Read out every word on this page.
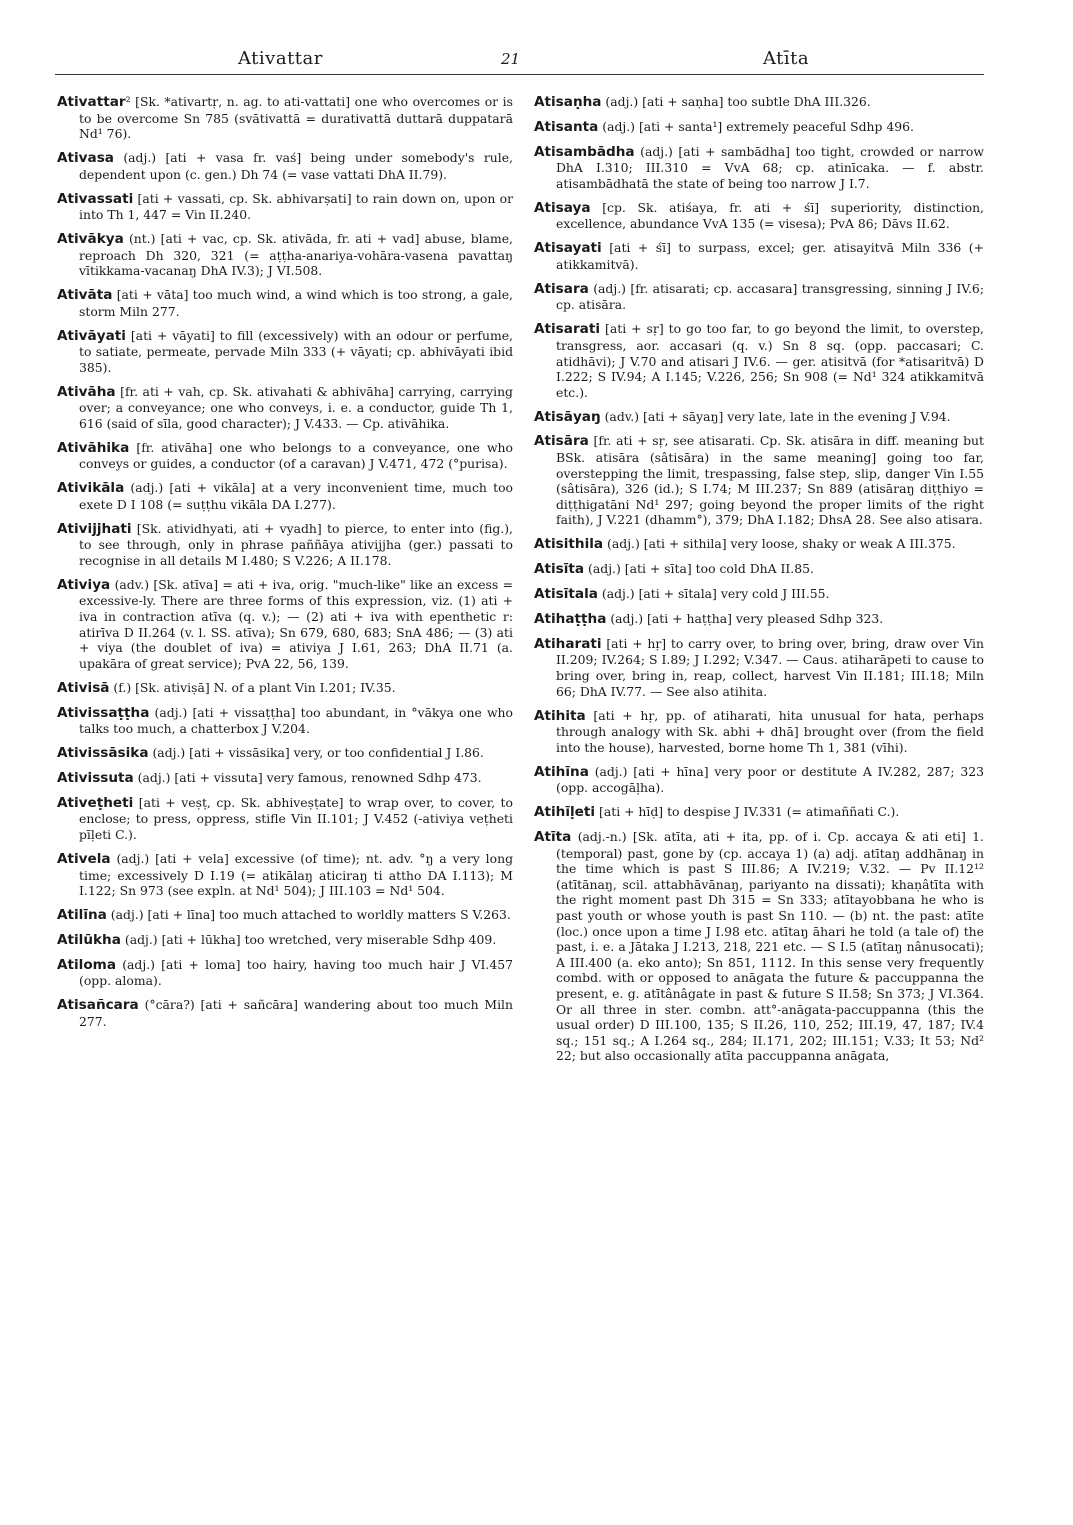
Ativattar	21	Atīta

Ativattar² [Sk. *ativartṛ, n. ag. to ati-vattati] one who overcomes or is to be overcome Sn 785 (svātivattā = durativattā duttarā duppatarā Nd¹ 76).

Ativasa (adj.) [ati + vasa fr. vaś] being under somebody's rule, dependent upon (c. gen.) Dh 74 (= vase vattati DhA II.79).

Ativassati [ati + vassati, cp. Sk. abhivarṣati] to rain down on, upon or into Th 1, 447 = Vin II.240.

Ativākya (nt.) [ati + vac, cp. Sk. ativāda, fr. ati + vad] abuse, blame, reproach Dh 320, 321 (= aṭṭha-anariya-vohāra-vasena pavattaŋ vītikkama-vacanaŋ DhA IV.3); J VI.508.

Ativāta [ati + vāta] too much wind, a wind which is too strong, a gale, storm Miln 277.

Ativāyati [ati + vāyati] to fill (excessively) with an odour or perfume, to satiate, permeate, pervade Miln 333 (+ vāyati; cp. abhivāyati ibid 385).

Ativāha [fr. ati + vah, cp. Sk. ativahati & abhivāha] carrying, carrying over; a conveyance; one who conveys, i. e. a conductor, guide Th 1, 616 (said of sīla, good character); J V.433. — Cp. ativāhika.

Ativāhika [fr. ativāha] one who belongs to a conveyance, one who conveys or guides, a conductor (of a caravan) J V.471, 472 (°purisa).

Ativikāla (adj.) [ati + vikāla] at a very inconvenient time, much too exete D I 108 (= suṭṭhu vikāla DA I.277).

Ativijjhati [Sk. atividhyati, ati + vyadh] to pierce, to enter into (fig.), to see through, only in phrase paññāya ativijjha (ger.) passati to recognise in all details M I.480; S V.226; A II.178.

Ativiya (adv.) [Sk. atīva] = ati + iva, orig. "much-like" like an excess = excessive-ly. There are three forms of this expression, viz. (1) ati + iva in contraction atīva (q. v.); — (2) ati + iva with epenthetic r: atirīva D II.264 (v. l. SS. atīva); Sn 679, 680, 683; SnA 486; — (3) ati + viya (the doublet of iva) = ativiya J I.61, 263; DhA II.71 (a. upakāra of great service); PvA 22, 56, 139.

Ativisā (f.) [Sk. ativiṣā] N. of a plant Vin I.201; IV.35.

Ativissaṭṭha (adj.) [ati + vissaṭṭha] too abundant, in °vākya one who talks too much, a chatterbox J V.204.

Ativissāsika (adj.) [ati + vissāsika] very, or too confidential J I.86.

Ativissuta (adj.) [ati + vissuta] very famous, renowned Sdhp 473.

Ativeṭheti [ati + veṣṭ, cp. Sk. abhiveṣṭate] to wrap over, to cover, to enclose; to press, oppress, stifle Vin II.101; J V.452 (-ativiya veṭheti pīḷeti C.).

Ativela (adj.) [ati + vela] excessive (of time); nt. adv. °ŋ a very long time; excessively D I.19 (= atikālaŋ aticiraŋ ti attho DA I.113); M I.122; Sn 973 (see expln. at Nd¹ 504); J III.103 = Nd¹ 504.

Atilīna (adj.) [ati + līna] too much attached to worldly matters S V.263.

Atilūkha (adj.) [ati + lūkha] too wretched, very miserable Sdhp 409.

Atiloma (adj.) [ati + loma] too hairy, having too much hair J VI.457 (opp. aloma).

Atisañcara (°cāra?) [ati + sañcāra] wandering about too much Miln 277.

Atisaṇha (adj.) [ati + saṇha] too subtle DhA III.326.

Atisanta (adj.) [ati + santa¹] extremely peaceful Sdhp 496.

Atisambādha (adj.) [ati + sambādha] too tight, crowded or narrow DhA I.310; III.310 = VvA 68; cp. atinīcaka. — f. abstr. atisambādhatā the state of being too narrow J I.7.

Atisaya [cp. Sk. atiśaya, fr. ati + śī] superiority, distinction, excellence, abundance VvA 135 (= visesa); PvA 86; Dāvs II.62.

Atisayati [ati + śī] to surpass, excel; ger. atisayitvā Miln 336 (+ atikkamitvā).

Atisara (adj.) [fr. atisarati; cp. accasara] transgressing, sinning J IV.6; cp. atisāra.

Atisarati [ati + sṛ] to go too far, to go beyond the limit, to overstep, transgress, aor. accasari (q. v.) Sn 8 sq. (opp. paccasari; C. atidhāvi); J V.70 and atisari J IV.6. — ger. atisitvā (for *atisaritvā) D I.222; S IV.94; A I.145; V.226, 256; Sn 908 (= Nd¹ 324 atikkamitvā etc.).

Atisāyaŋ (adv.) [ati + sāyaŋ] very late, late in the evening J V.94.

Atisāra [fr. ati + sṛ, see atisarati. Cp. Sk. atisāra in diff. meaning but BSk. atisāra (sâtisāra) in the same meaning] going too far, overstepping the limit, trespassing, false step, slip, danger Vin I.55 (sâtisāra), 326 (id.); S I.74; M III.237; Sn 889 (atisāraŋ diṭṭhiyo = diṭṭhigatāni Nd¹ 297; going beyond the proper limits of the right faith), J V.221 (dhamm°), 379; DhA I.182; DhsA 28. See also atisara.

Atisithila (adj.) [ati + sithila] very loose, shaky or weak A III.375.

Atisīta (adj.) [ati + sīta] too cold DhA II.85.

Atisītala (adj.) [ati + sītala] very cold J III.55.

Atihaṭṭha (adj.) [ati + haṭṭha] very pleased Sdhp 323.

Atiharati [ati + hṛ] to carry over, to bring over, bring, draw over Vin II.209; IV.264; S I.89; J I.292; V.347. — Caus. atiharāpeti to cause to bring over, bring in, reap, collect, harvest Vin II.181; III.18; Miln 66; DhA IV.77. — See also atihita.

Atihita [ati + hṛ, pp. of atiharati, hita unusual for hata, perhaps through analogy with Sk. abhi + dhā] brought over (from the field into the house), harvested, borne home Th 1, 381 (vīhi).

Atihīna (adj.) [ati + hīna] very poor or destitute A IV.282, 287; 323 (opp. accogāḷha).

Atihīḷeti [ati + hīḍ] to despise J IV.331 (= atimaññati C.).

Atīta (adj.-n.) [Sk. atīta, ati + ita, pp. of i. Cp. accaya & ati eti] 1. (temporal) past, gone by (cp. accaya 1) (a) adj. atītaŋ addhānaŋ in the time which is past S III.86; A IV.219; V.32. — Pv II.12¹² (atītānaŋ, scil. attabhāvānaŋ, pariyanto na dissati); khaṇâtīta with the right moment past Dh 315 = Sn 333; atītayobbana he who is past youth or whose youth is past Sn 110. — (b) nt. the past: atīte (loc.) once upon a time J I.98 etc. atītaŋ āhari he told (a tale of) the past, i. e. a Jātaka J I.213, 218, 221 etc. — S I.5 (atītaŋ nânusocati); A III.400 (a. eko anto); Sn 851, 1112. In this sense very frequently combd. with or opposed to anāgata the future & paccuppanna the present, e. g. atītânâgate in past & future S II.58; Sn 373; J VI.364. Or all three in ster. combn. att°-anāgata-paccuppanna (this the usual order) D III.100, 135; S II.26, 110, 252; III.19, 47, 187; IV.4 sq.; 151 sq.; A I.264 sq., 284; II.171, 202; III.151; V.33; It 53; Nd² 22; but also occasionally atīta paccuppanna anāgata,
